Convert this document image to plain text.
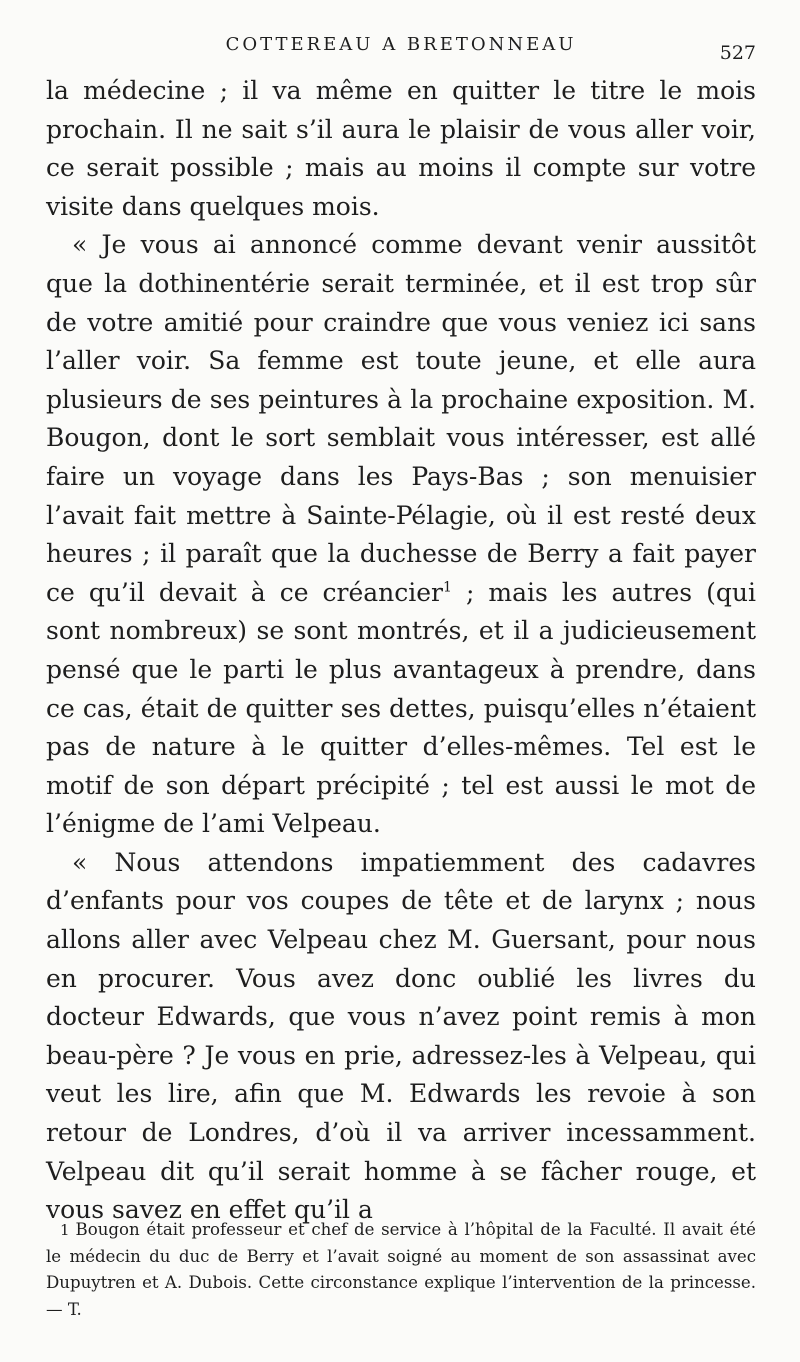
COTTEREAU A BRETONNEAU	527

la médecine ; il va même en quitter le titre le mois prochain. Il ne sait s’il aura le plaisir de vous aller voir, ce serait possible ; mais au moins il compte sur votre visite dans quelques mois.

« Je vous ai annoncé comme devant venir aussitôt que la dothinentérie serait terminée, et il est trop sûr de votre amitié pour craindre que vous veniez ici sans l’aller voir. Sa femme est toute jeune, et elle aura plusieurs de ses peintures à la prochaine exposition. M. Bougon, dont le sort semblait vous intéresser, est allé faire un voyage dans les Pays-Bas ; son menuisier l’avait fait mettre à Sainte-Pélagie, où il est resté deux heures ; il paraît que la duchesse de Berry a fait payer ce qu’il devait à ce créancier$^1$ ; mais les autres (qui sont nombreux) se sont montrés, et il a judicieusement pensé que le parti le plus avantageux à prendre, dans ce cas, était de quitter ses dettes, puisqu’elles n’étaient pas de nature à le quitter d’elles-mêmes. Tel est le motif de son départ précipité ; tel est aussi le mot de l’énigme de l’ami Velpeau.

« Nous attendons impatiemment des cadavres d’enfants pour vos coupes de tête et de larynx ; nous allons aller avec Velpeau chez M. Guersant, pour nous en procurer. Vous avez donc oublié les livres du docteur Edwards, que vous n’avez point remis à mon beau-père ? Je vous en prie, adressez-les à Velpeau, qui veut les lire, afin que M. Edwards les revoie à son retour de Londres, d’où il va arriver incessamment. Velpeau dit qu’il serait homme à se fâcher rouge, et vous savez en effet qu’il a

1 Bougon était professeur et chef de service à l’hôpital de la Faculté. Il avait été le médecin du duc de Berry et l’avait soigné au moment de son assassinat avec Dupuytren et A. Dubois. Cette circonstance explique l’intervention de la princesse. — T.
